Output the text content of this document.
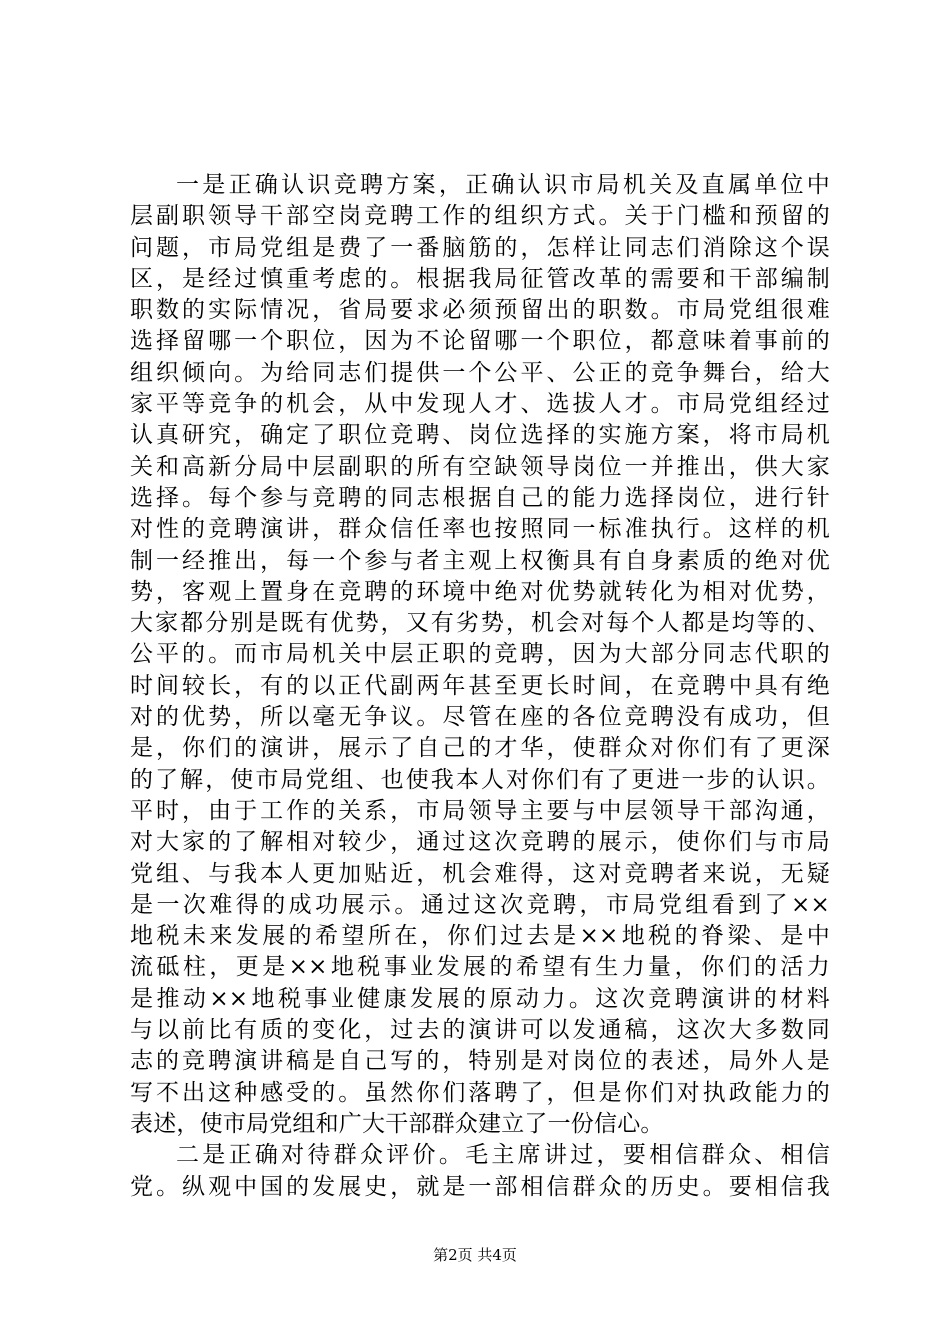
一是正确认识竞聘方案，正确认识市局机关及直属单位中
层副职领导干部空岗竞聘工作的组织方式。关于门槛和预留的
问题，市局党组是费了一番脑筋的，怎样让同志们消除这个误
区，是经过慎重考虑的。根据我局征管改革的需要和干部编制
职数的实际情况，省局要求必须预留出的职数。市局党组很难
选择留哪一个职位，因为不论留哪一个职位，都意味着事前的
组织倾向。为给同志们提供一个公平、公正的竞争舞台，给大
家平等竞争的机会，从中发现人才、选拔人才。市局党组经过
认真研究，确定了职位竞聘、岗位选择的实施方案，将市局机
关和高新分局中层副职的所有空缺领导岗位一并推出，供大家
选择。每个参与竞聘的同志根据自己的能力选择岗位，进行针
对性的竞聘演讲，群众信任率也按照同一标准执行。这样的机
制一经推出，每一个参与者主观上权衡具有自身素质的绝对优
势，客观上置身在竞聘的环境中绝对优势就转化为相对优势，
大家都分别是既有优势，又有劣势，机会对每个人都是均等的、
公平的。而市局机关中层正职的竞聘，因为大部分同志代职的
时间较长，有的以正代副两年甚至更长时间，在竞聘中具有绝
对的优势，所以毫无争议。尽管在座的各位竞聘没有成功，但
是，你们的演讲，展示了自己的才华，使群众对你们有了更深
的了解，使市局党组、也使我本人对你们有了更进一步的认识。
平时，由于工作的关系，市局领导主要与中层领导干部沟通，
对大家的了解相对较少，通过这次竞聘的展示，使你们与市局
党组、与我本人更加贴近，机会难得，这对竞聘者来说，无疑
是一次难得的成功展示。通过这次竞聘，市局党组看到了××
地税未来发展的希望所在，你们过去是××地税的脊梁、是中
流砥柱，更是××地税事业发展的希望有生力量，你们的活力
是推动××地税事业健康发展的原动力。这次竞聘演讲的材料
与以前比有质的变化，过去的演讲可以发通稿，这次大多数同
志的竞聘演讲稿是自己写的，特别是对岗位的表述，局外人是
写不出这种感受的。虽然你们落聘了，但是你们对执政能力的
表述，使市局党组和广大干部群众建立了一份信心。
二是正确对待群众评价。毛主席讲过，要相信群众、相信
党。纵观中国的发展史，就是一部相信群众的历史。要相信我
第2页 共4页
